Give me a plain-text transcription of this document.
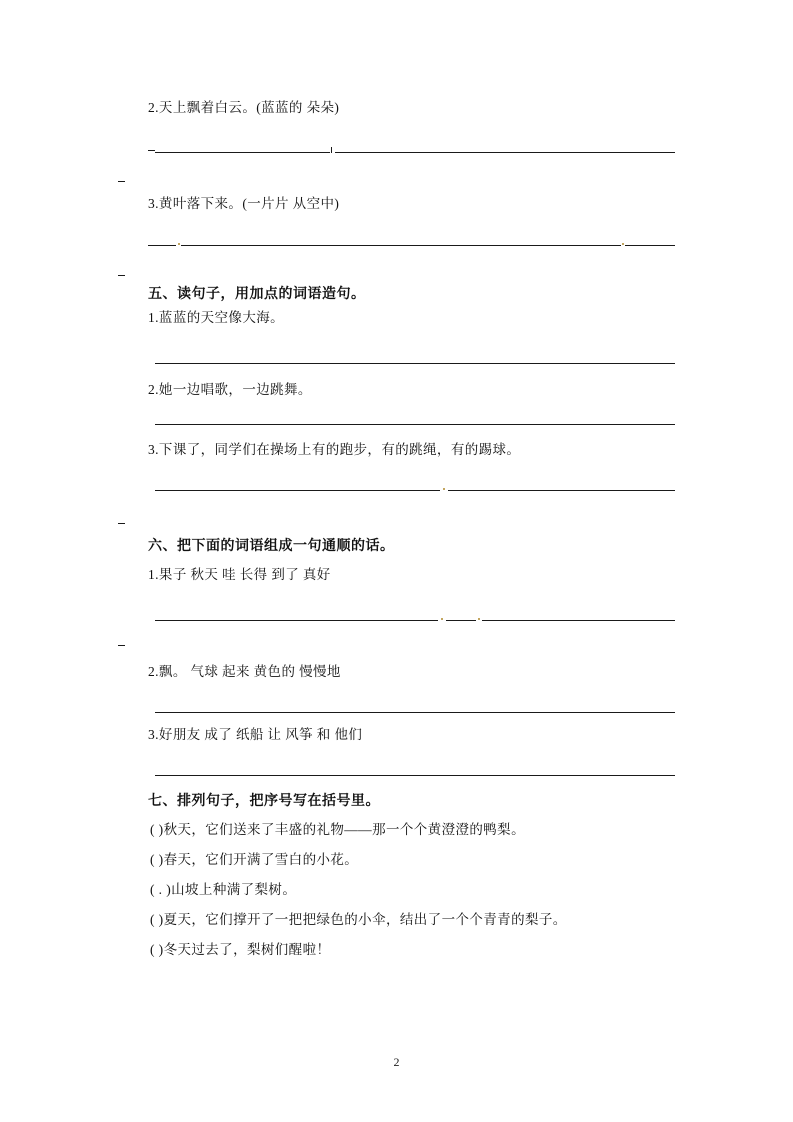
2.天上飘着白云。(蓝蓝的 朵朵)

3.黄叶落下来。(一片片 从空中)

五、读句子，用加点的词语造句。

1.蓝蓝的天空像大海。

2.她一边唱歌，一边跳舞。

3.下课了，同学们在操场上有的跑步，有的跳绳，有的踢球。

六、把下面的词语组成一句通顺的话。

1.果子 秋天 哇 长得 到了 真好

2.飘。 气球 起来 黄色的 慢慢地

3.好朋友 成了 纸船 让 风筝 和 他们

七、排列句子，把序号写在括号里。

( )秋天，它们送来了丰盛的礼物——那一个个黄澄澄的鸭梨。

( )春天，它们开满了雪白的小花。

( . )山坡上种满了梨树。

( )夏天，它们撑开了一把把绿色的小伞，结出了一个个青青的梨子。

( )冬天过去了，梨树们醒啦！

2
